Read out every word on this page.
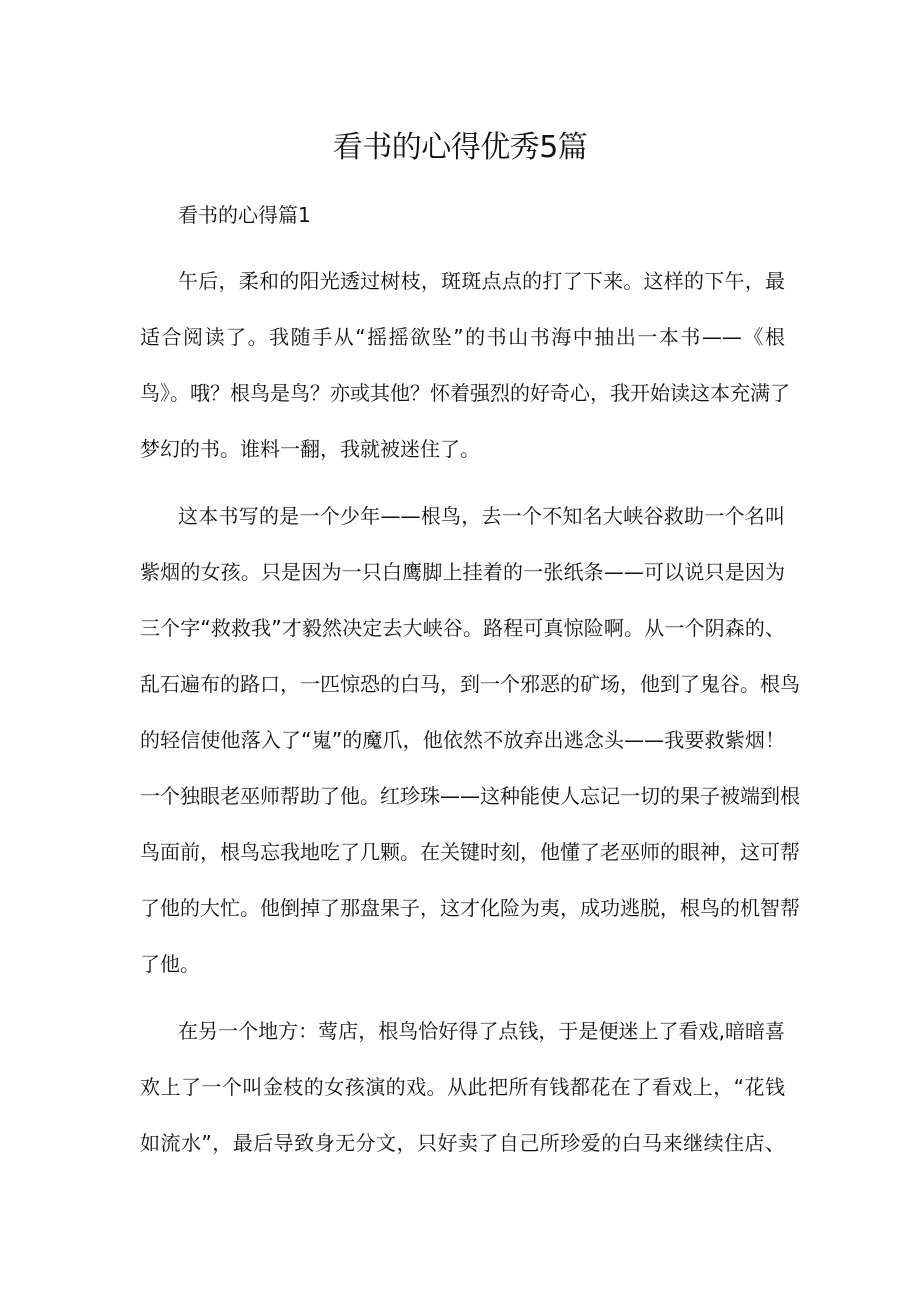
看书的心得优秀5篇

看书的心得篇1

午后，柔和的阳光透过树枝，斑斑点点的打了下来。这样的下午，最

适合阅读了。我随手从“摇摇欲坠”的书山书海中抽出一本书——《根

鸟》。哦？根鸟是鸟？亦或其他？怀着强烈的好奇心，我开始读这本充满了

梦幻的书。谁料一翻，我就被迷住了。

这本书写的是一个少年——根鸟，去一个不知名大峡谷救助一个名叫

紫烟的女孩。只是因为一只白鹰脚上挂着的一张纸条——可以说只是因为

三个字“救救我”才毅然决定去大峡谷。路程可真惊险啊。从一个阴森的、

乱石遍布的路口，一匹惊恐的白马，到一个邪恶的矿场，他到了鬼谷。根鸟

的轻信使他落入了“嵬”的魔爪，他依然不放弃出逃念头——我要救紫烟！

一个独眼老巫师帮助了他。红珍珠——这种能使人忘记一切的果子被端到根

鸟面前，根鸟忘我地吃了几颗。在关键时刻，他懂了老巫师的眼神，这可帮

了他的大忙。他倒掉了那盘果子，这才化险为夷，成功逃脱，根鸟的机智帮

了他。

在另一个地方：莺店，根鸟恰好得了点钱，于是便迷上了看戏,暗暗喜

欢上了一个叫金枝的女孩演的戏。从此把所有钱都花在了看戏上，“花钱

如流水”，最后导致身无分文，只好卖了自己所珍爱的白马来继续住店、
